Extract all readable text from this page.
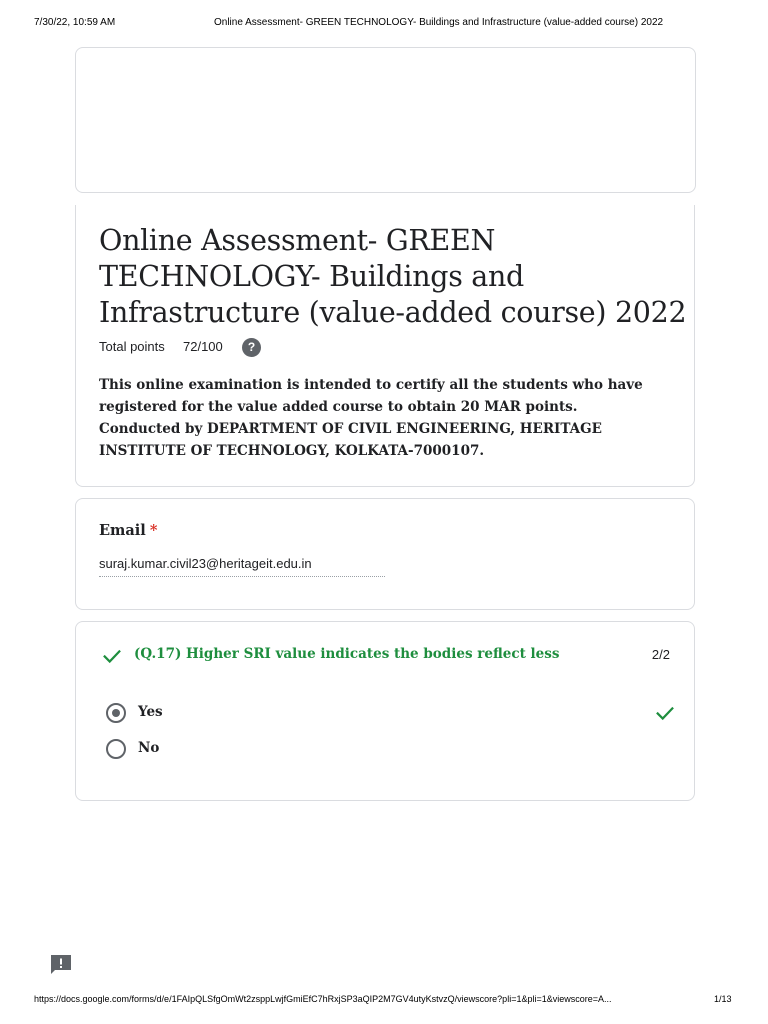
7/30/22, 10:59 AM	Online Assessment- GREEN TECHNOLOGY- Buildings and Infrastructure (value-added course) 2022
Online Assessment- GREEN TECHNOLOGY- Buildings and Infrastructure (value-added course) 2022
Total points 72/100	?

This online examination is intended to certify all the students who have registered for the value added course to obtain 20 MAR points.

Conducted by DEPARTMENT OF CIVIL ENGINEERING, HERITAGE INSTITUTE OF TECHNOLOGY, KOLKATA-7000107.

Email *
suraj.kumar.civil23@heritageit.edu.in
(Q.17) Higher SRI value indicates the bodies reflect less	2/2
Yes
No
https://docs.google.com/forms/d/e/1FAIpQLSfgOmWt2zsppLwjfGmiEfC7hRxjSP3aQIP2M7GV4utyKstvzQ/viewscore?pli=1&pli=1&viewscore=A...	1/13
